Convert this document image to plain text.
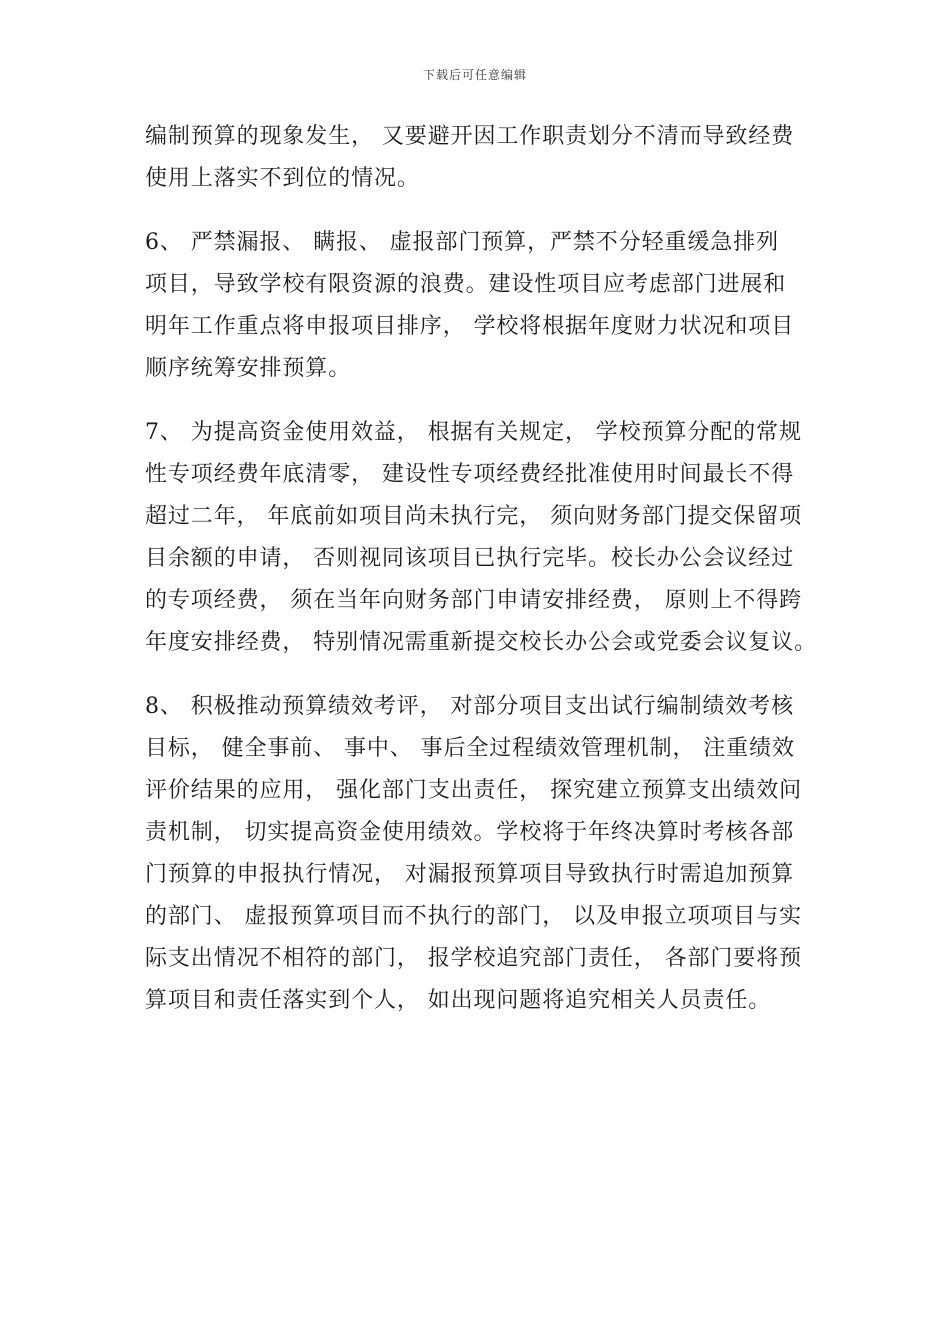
下载后可任意编辑
编制预算的现象发生， 又要避开因工作职责划分不清而导致经费
使用上落实不到位的情况。
6、 严禁漏报、 瞒报、 虚报部门预算，严禁不分轻重缓急排列
项目，导致学校有限资源的浪费。建设性项目应考虑部门进展和
明年工作重点将申报项目排序， 学校将根据年度财力状况和项目
顺序统筹安排预算。
7、 为提高资金使用效益， 根据有关规定， 学校预算分配的常规
性专项经费年底清零， 建设性专项经费经批准使用时间最长不得
超过二年， 年底前如项目尚未执行完， 须向财务部门提交保留项
目余额的申请， 否则视同该项目已执行完毕。校长办公会议经过
的专项经费， 须在当年向财务部门申请安排经费， 原则上不得跨
年度安排经费， 特别情况需重新提交校长办公会或党委会议复议。
8、 积极推动预算绩效考评， 对部分项目支出试行编制绩效考核
目标， 健全事前、 事中、 事后全过程绩效管理机制， 注重绩效
评价结果的应用， 强化部门支出责任， 探究建立预算支出绩效问
责机制， 切实提高资金使用绩效。学校将于年终决算时考核各部
门预算的申报执行情况， 对漏报预算项目导致执行时需追加预算
的部门、 虚报预算项目而不执行的部门， 以及申报立项项目与实
际支出情况不相符的部门， 报学校追究部门责任， 各部门要将预
算项目和责任落实到个人， 如出现问题将追究相关人员责任。
